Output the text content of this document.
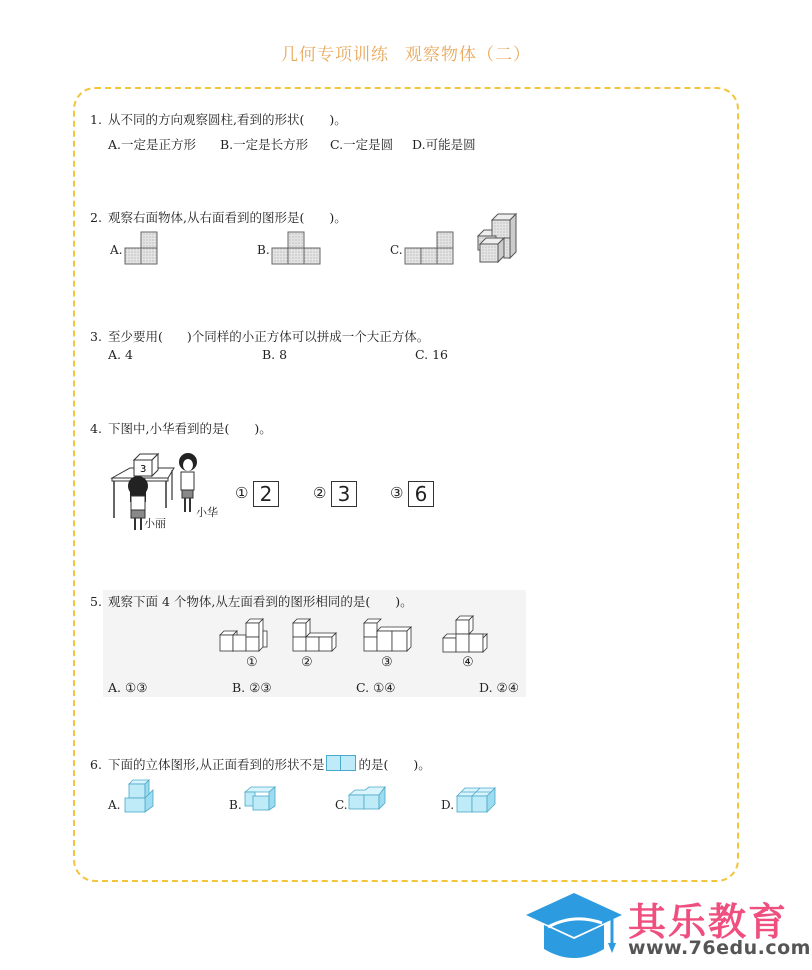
几何专项训练 观察物体（二）
1. 从不同的方向观察圆柱,看到的形状(　　)。
A.一定是正方形 B.一定是长方形 C.一定是圆 D.可能是圆
2. 观察右面物体,从右面看到的图形是(　　)。
A.	B.	C.
3. 至少要用( )个同样的小正方体可以拼成一个大正方体。
A. 4	B. 8	C. 16
4. 下图中,小华看到的是(　　)。
3
小丽
小华
① 2	② 3	③ 6
5. 观察下面 4 个物体,从左面看到的图形相同的是(　　)。
①	②	③	④
A. ①③	B. ②③	C. ①④	D. ②④
6. 下面的立体图形,从正面看到的形状不是	的是(　　)。
A.	B.	C.	D.
其乐教育
www.76edu.com
